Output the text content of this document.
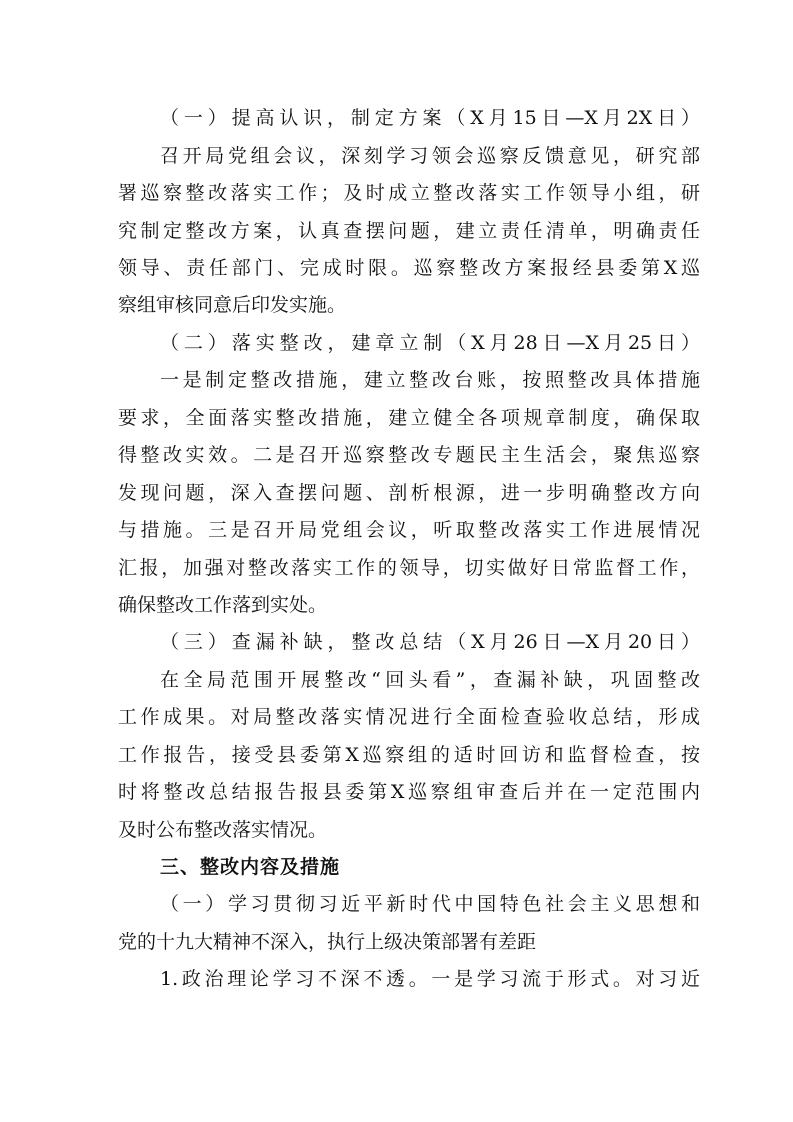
（一）提高认识，制定方案（X月15日—X月2X日）
召开局党组会议，深刻学习领会巡察反馈意见，研究部
署巡察整改落实工作；及时成立整改落实工作领导小组，研
究制定整改方案，认真查摆问题，建立责任清单，明确责任
领导、责任部门、完成时限。巡察整改方案报经县委第X巡
察组审核同意后印发实施。
（二）落实整改，建章立制（X月28日—X月25日）
一是制定整改措施，建立整改台账，按照整改具体措施
要求，全面落实整改措施，建立健全各项规章制度，确保取
得整改实效。二是召开巡察整改专题民主生活会，聚焦巡察
发现问题，深入查摆问题、剖析根源，进一步明确整改方向
与措施。三是召开局党组会议，听取整改落实工作进展情况
汇报，加强对整改落实工作的领导，切实做好日常监督工作，
确保整改工作落到实处。
（三）查漏补缺，整改总结（X月26日—X月20日）
在全局范围开展整改“回头看”，查漏补缺，巩固整改
工作成果。对局整改落实情况进行全面检查验收总结，形成
工作报告，接受县委第X巡察组的适时回访和监督检查，按
时将整改总结报告报县委第X巡察组审查后并在一定范围内
及时公布整改落实情况。
三、整改内容及措施
（一）学习贯彻习近平新时代中国特色社会主义思想和
党的十九大精神不深入，执行上级决策部署有差距
1.政治理论学习不深不透。一是学习流于形式。对习近
